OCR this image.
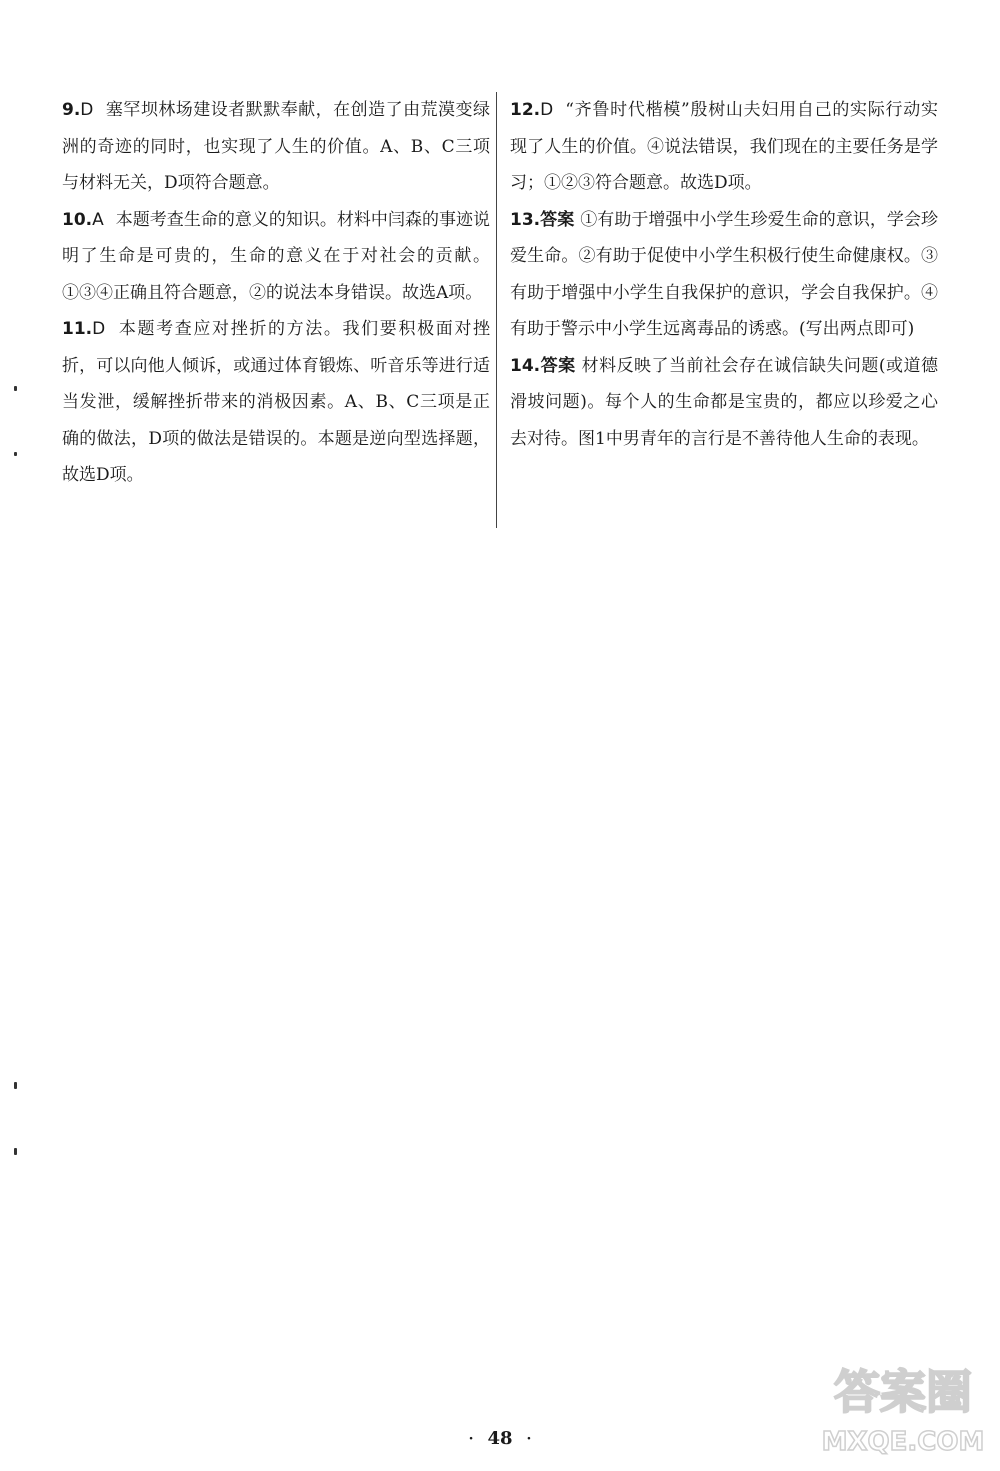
9.D 塞罕坝林场建设者默默奉献，在创造了由荒漠变绿洲的奇迹的同时，也实现了人生的价值。A、B、C三项与材料无关，D项符合题意。
10.A 本题考查生命的意义的知识。材料中闫森的事迹说明了生命是可贵的，生命的意义在于对社会的贡献。①③④正确且符合题意，②的说法本身错误。故选A项。
11.D 本题考查应对挫折的方法。我们要积极面对挫折，可以向他人倾诉，或通过体育锻炼、听音乐等进行适当发泄，缓解挫折带来的消极因素。A、B、C三项是正确的做法，D项的做法是错误的。本题是逆向型选择题，故选D项。
12.D “齐鲁时代楷模”殷树山夫妇用自己的实际行动实现了人生的价值。④说法错误，我们现在的主要任务是学习；①②③符合题意。故选D项。
13.答案 ①有助于增强中小学生珍爱生命的意识，学会珍爱生命。②有助于促使中小学生积极行使生命健康权。③有助于增强中小学生自我保护的意识，学会自我保护。④有助于警示中小学生远离毒品的诱惑。(写出两点即可)
14.答案 材料反映了当前社会存在诚信缺失问题(或道德滑坡问题)。每个人的生命都是宝贵的，都应以珍爱之心去对待。图1中男青年的言行是不善待他人生命的表现。
· 48 ·
答案圈
MXQE.COM
